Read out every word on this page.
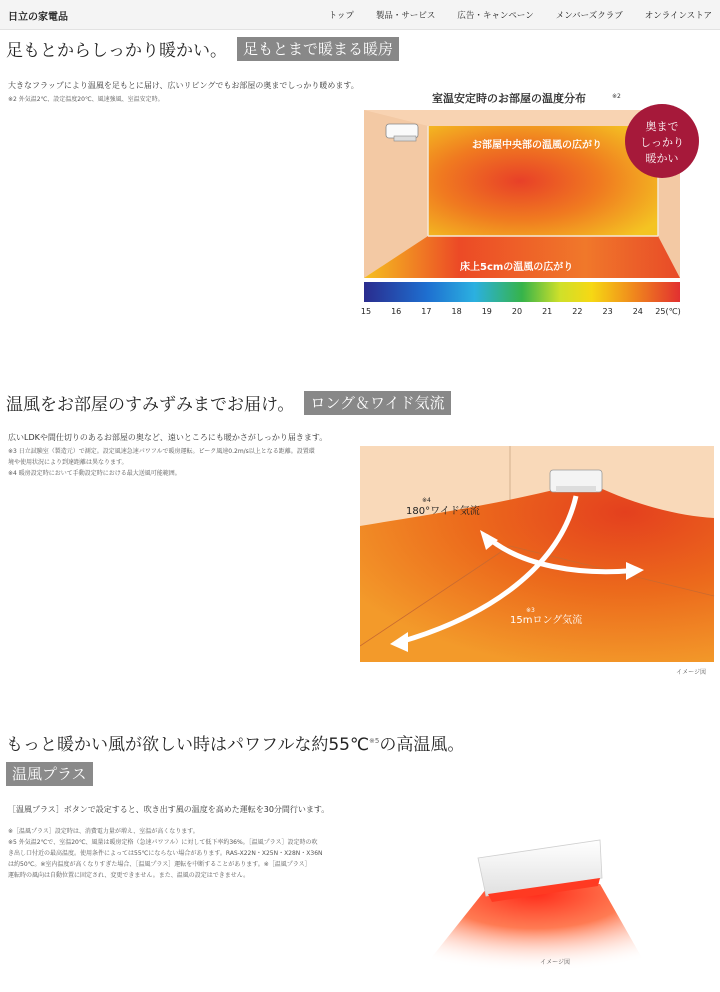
日立の家電品	トップ	製品・サービス	広告・キャンペーン	メンバーズクラブ	オンラインストア
足もとからしっかり暖かい。	足もとまで暖まる暖房
大きなフラップにより温風を足もとに届け、広いリビングでもお部屋の奥までしっかり暖めます。
※2 外気温2℃、設定温度20℃、風速強風、室温安定時。	室温安定時のお部屋の温度分布	※2
お部屋中央部の温風の広がり
床上5cmの温風の広がり
奥まで
しっかり
暖かい
15	16	17	18	19	20	21	22	23	24 25(℃)
温風をお部屋のすみずみまでお届け。	ロング＆ワイド気流
広いLDKや間仕切りのあるお部屋の奥など、遠いところにも暖かさがしっかり届きます。
※3 日立試験室（製造元）で測定。設定風速急速パワフルで暖房運転。ピーク風速0.2m/s以上となる距離。設置環
境や使用状況により到達距離は異なります。
※4 暖房設定時において手動設定時における最大送風可能範囲。
180°ワイド気流
※4
15mロング気流
※3
イメージ図
もっと暖かい風が欲しい時はパワフルな約55℃ ※5 の高温風。
温風プラス
［温風プラス］ボタンで設定すると、吹き出す風の温度を高めた運転を30分間行います。
※［温風プラス］設定時は、消費電力量が増え、室温が高くなります。
※5 外気温2℃で、室温20℃、風量は暖房定格（急速パワフル）に対して低下率約36%。［温風プラス］設定時の吹
き出し口付近の最高温度。使用条件によっては55℃にならない場合があります。RAS-X22N・X25N・X28N・X36N
は約50℃。※室内温度が高くなりすぎた場合、［温風プラス］運転を中断することがあります。※［温風プラス］
運転時の風向は自動位置に固定され、変更できません。また、温風の設定はできません。
イメージ図
